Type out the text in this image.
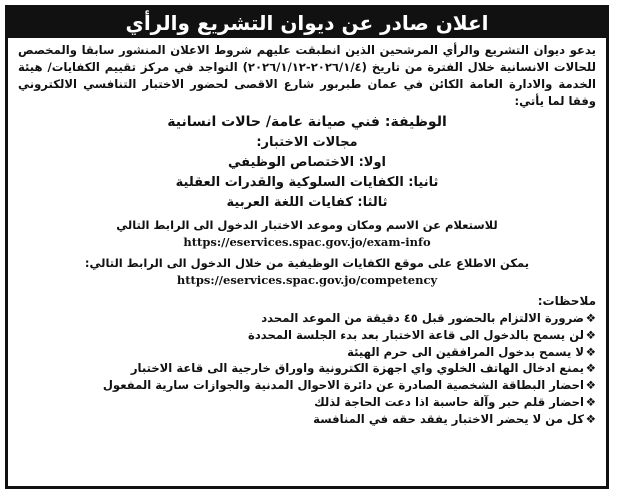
اعلان صادر عن ديوان التشريع والرأي

يدعو ديوان التشريع والرأي المرشحين الذين انطبقت عليهم شروط الاعلان المنشور سابقا والمخصص للحالات الانسانية خلال الفترة من تاريخ (٢٠٢٦/١/٤-٢٠٢٦/١/١٢) التواجد في مركز تقييم الكفايات/ هيئة الخدمة والادارة العامة الكائن في عمان طبربور شارع الاقصى لحضور الاختبار التنافسي الالكتروني وفقا لما يأتي:

الوظيفة: فني صيانة عامة/ حالات انسانية
مجالات الاختبار:
اولا: الاختصاص الوظيفي
ثانيا: الكفايات السلوكية والقدرات العقلية
ثالثا: كفايات اللغة العربية
للاستعلام عن الاسم ومكان وموعد الاختبار الدخول الى الرابط التالي
https://eservices.spac.gov.jo/exam-info
يمكن الاطلاع على موقع الكفايات الوظيفية من خلال الدخول الى الرابط التالي:
https://eservices.spac.gov.jo/competency
ملاحظات:
❖ضرورة الالتزام بالحضور قبل ٤٥ دقيقة من الموعد المحدد
❖لن يسمح بالدخول الى قاعة الاختبار بعد بدء الجلسة المحددة
❖لا يسمح بدخول المرافقين الى حرم الهيئة
❖يمنع ادخال الهاتف الخلوي واي اجهزة الكترونية واوراق خارجية الى قاعة الاختبار
❖احضار البطاقة الشخصية الصادرة عن دائرة الاحوال المدنية والجوازات سارية المفعول
❖احضار قلم حبر وآلة حاسبة اذا دعت الحاجة لذلك
❖كل من لا يحضر الاختبار يفقد حقه في المنافسة
